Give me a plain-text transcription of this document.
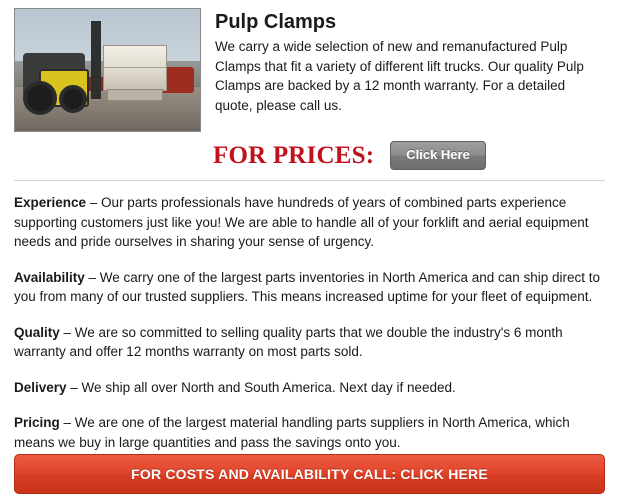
Pulp Clamps
We carry a wide selection of new and remanufactured Pulp Clamps that fit a variety of different lift trucks. Our quality Pulp Clamps are backed by a 12 month warranty. For a detailed quote, please call us.
FOR PRICES:	Click Here

Experience – Our parts professionals have hundreds of years of combined parts experience supporting customers just like you! We are able to handle all of your forklift and aerial equipment needs and pride ourselves in sharing your sense of urgency.

Availability – We carry one of the largest parts inventories in North America and can ship direct to you from many of our trusted suppliers. This means increased uptime for your fleet of equipment.

Quality – We are so committed to selling quality parts that we double the industry's 6 month warranty and offer 12 months warranty on most parts sold.

Delivery – We ship all over North and South America. Next day if needed.

Pricing – We are one of the largest material handling parts suppliers in North America, which means we buy in large quantities and pass the savings onto you.

FOR COSTS AND AVAILABILITY CALL: CLICK HERE
